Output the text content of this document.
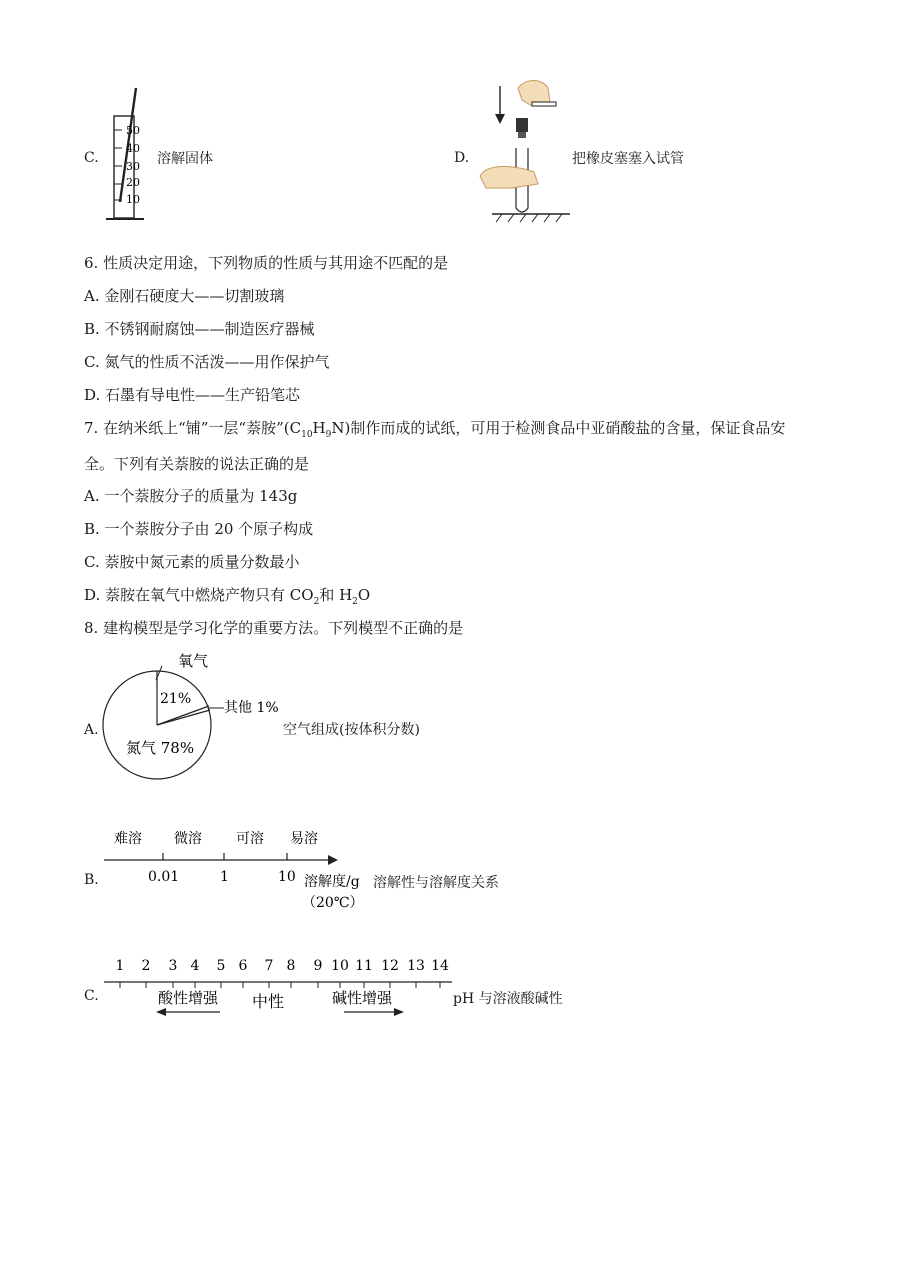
C.
50
40
30
20
10
溶解固体	D.	把橡皮塞塞入试管
6. 性质决定用途，下列物质的性质与其用途不匹配的是
A. 金刚石硬度大——切割玻璃
B. 不锈钢耐腐蚀——制造医疗器械
C. 氮气的性质不活泼——用作保护气
D. 石墨有导电性——生产铅笔芯
7. 在纳米纸上“铺”一层“萘胺$”(C_{10}H_9N)$制作而成的试纸，可用于检测食品中亚硝酸盐的含量，保证食品安
全。下列有关萘胺的说法正确的是
A. 一个萘胺分子的质量为 143g
B. 一个萘胺分子由 20 个原子构成
C. 萘胺中氮元素的质量分数最小
D. 萘胺在氧气中燃烧产物只有 $CO_2$和 $H_2O$
8. 建构模型是学习化学的重要方法。下列模型不正确的是
A.
氧气
21%
其他 1%
氮气 78%
空气组成(按体积分数)
B.
难溶 微溶 可溶 易溶
0.01	1	10 溶解度/g
（20℃）
溶解性与溶解度关系
C.
1 2 3 4 5 6 7 8 9 10 11 12 13 14
酸性增强 中性	碱性增强	pH 与溶液酸碱性
